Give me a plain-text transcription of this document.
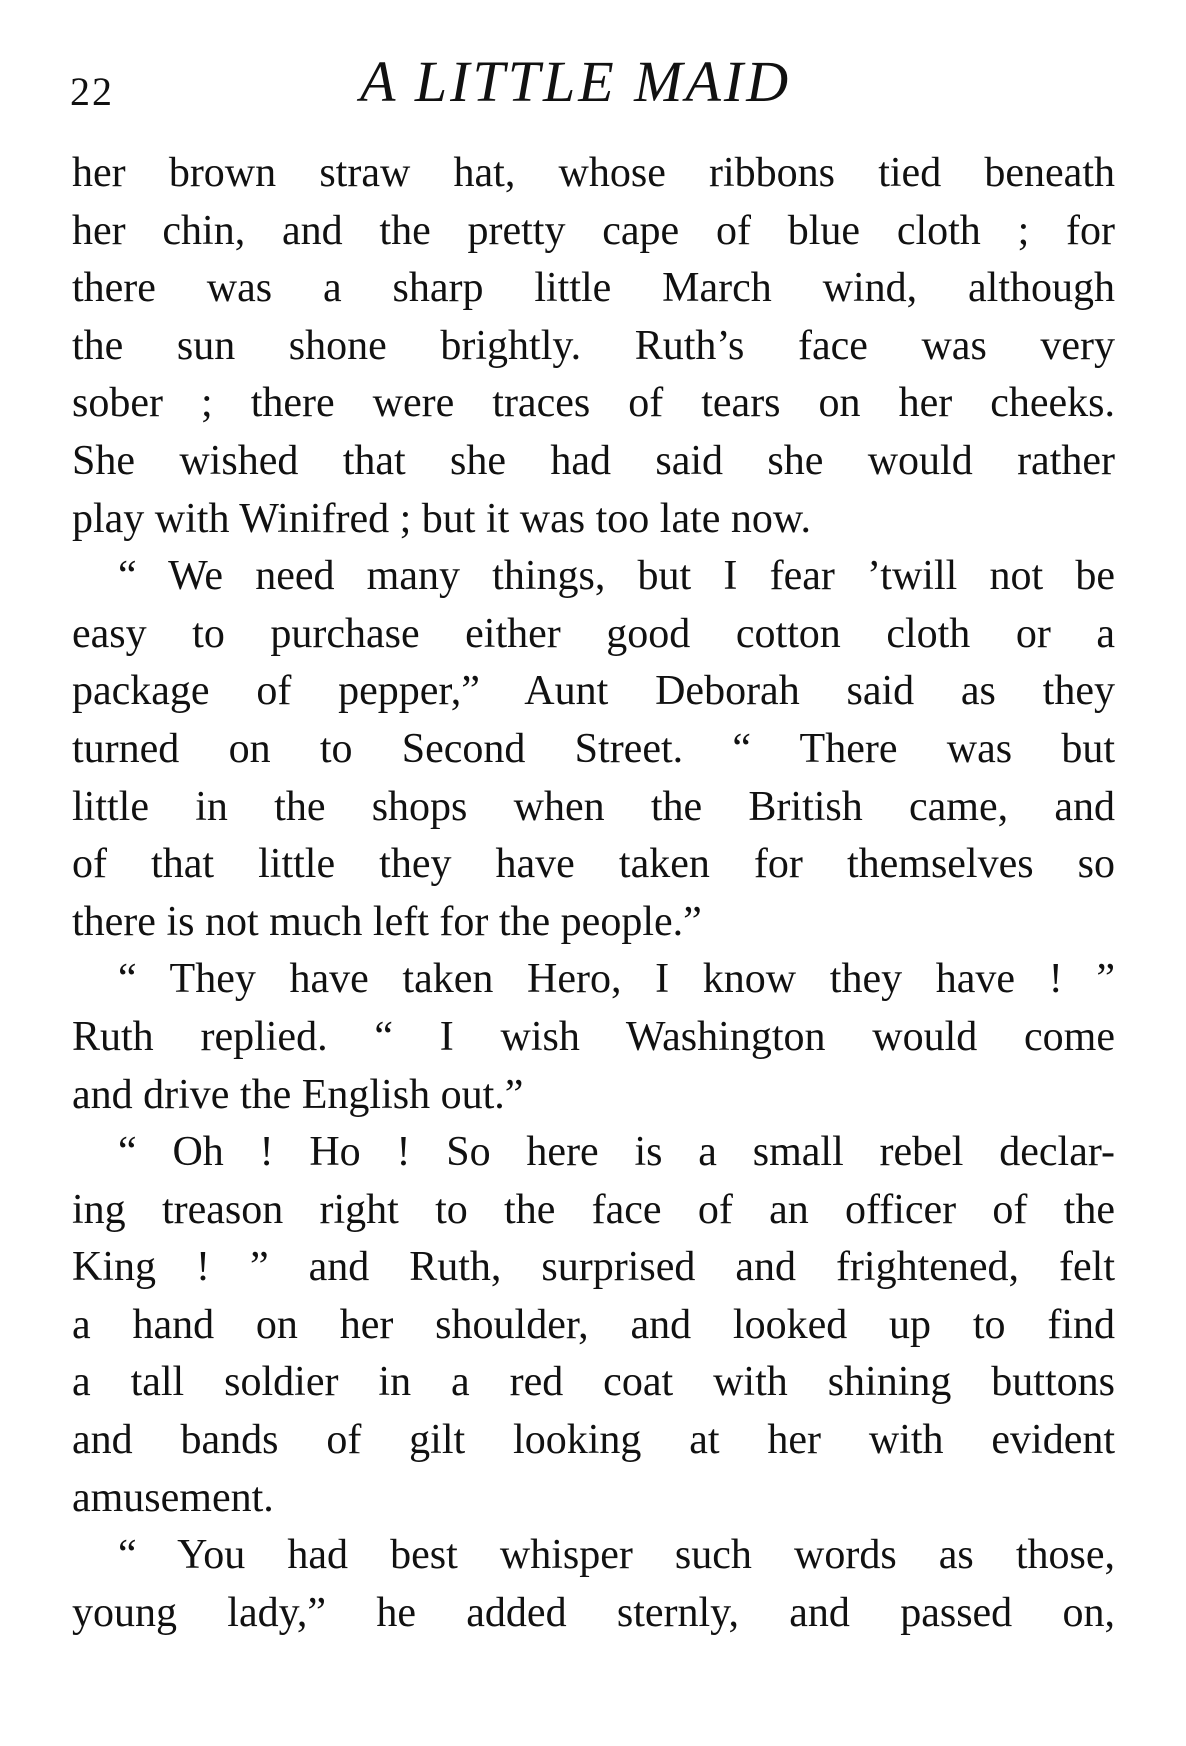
22	A LITTLE MAID
her brown straw hat, whose ribbons tied beneath
her chin, and the pretty cape of blue cloth ; for
there was a sharp little March wind, although
the sun shone brightly. Ruth’s face was very
sober ; there were traces of tears on her cheeks.
She wished that she had said she would rather
play with Winifred ; but it was too late now.
“ We need many things, but I fear ’twill not be
easy to purchase either good cotton cloth or a
package of pepper,” Aunt Deborah said as they
turned on to Second Street. “ There was but
little in the shops when the British came, and
of that little they have taken for themselves so
there is not much left for the people.”
“ They have taken Hero, I know they have ! ”
Ruth replied. “ I wish Washington would come
and drive the English out.”
“ Oh ! Ho ! So here is a small rebel declar-
ing treason right to the face of an officer of the
King ! ” and Ruth, surprised and frightened, felt
a hand on her shoulder, and looked up to find
a tall soldier in a red coat with shining buttons
and bands of gilt looking at her with evident
amusement.
“ You had best whisper such words as those,
young lady,” he added sternly, and passed on,
